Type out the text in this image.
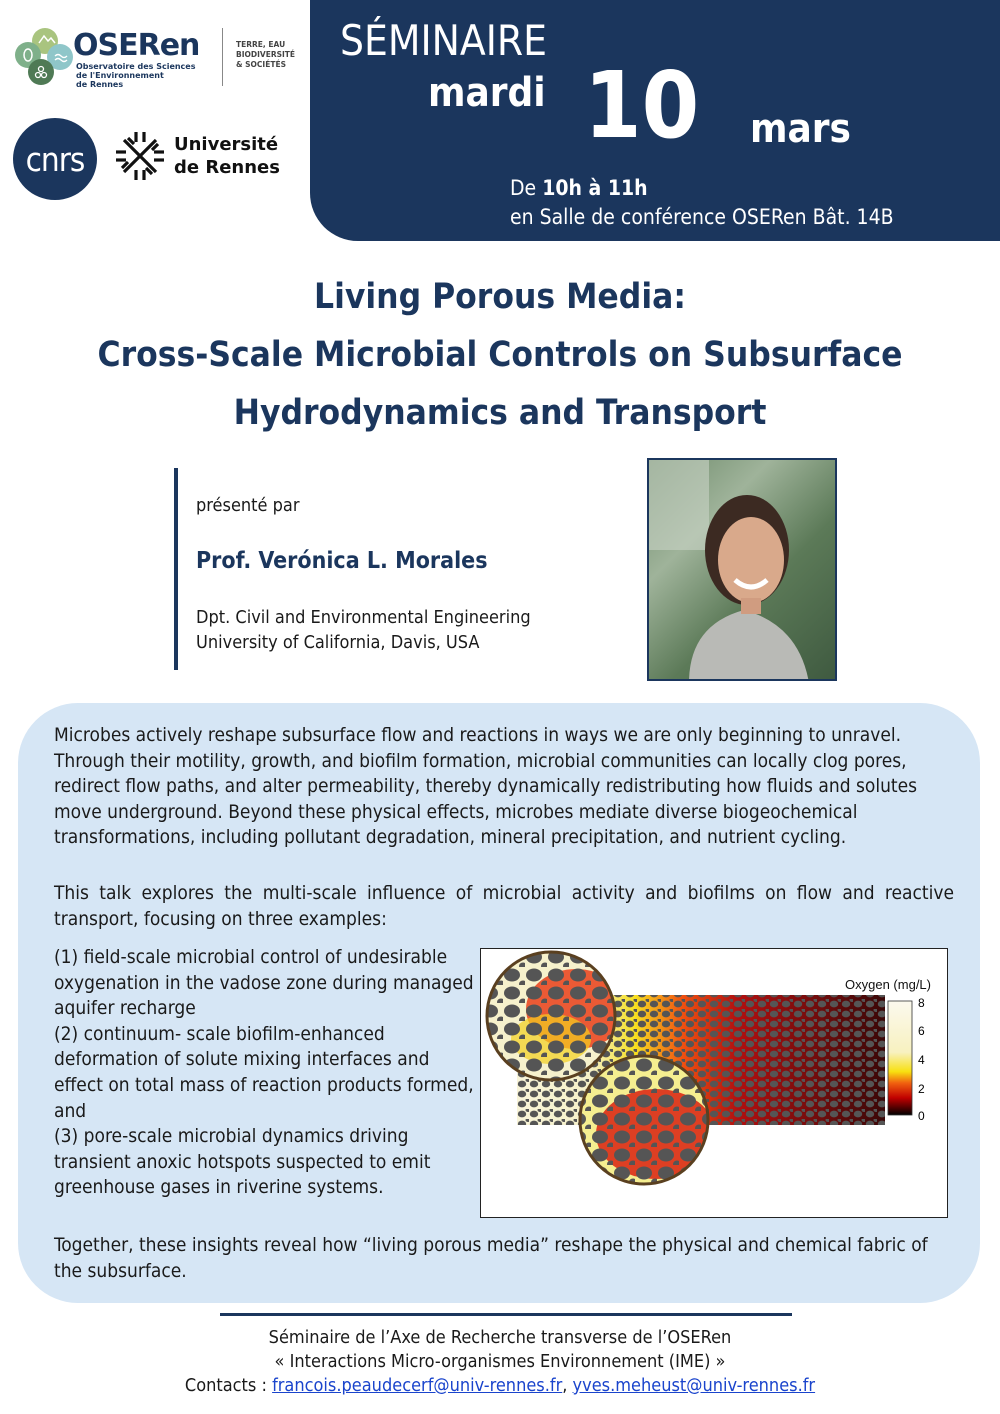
OSERen
Observatoire des Sciences
de l'Environnement
de Rennes
TERRE, EAU
BIODIVERSITÉ
& SOCIÉTÉS
cnrs	Université
de Rennes
SÉMINAIRE
mardi 10 mars
De 10h à 11h
en Salle de conférence OSERen Bât. 14B
Living Porous Media:
Cross-Scale Microbial Controls on Subsurface
Hydrodynamics and Transport
présenté par
Prof. Verónica L. Morales
Dpt. Civil and Environmental Engineering
University of California, Davis, USA

Microbes actively reshape subsurface flow and reactions in ways we are only beginning to unravel. Through their motility, growth, and biofilm formation, microbial communities can locally clog pores, redirect flow paths, and alter permeability, thereby dynamically redistributing how fluids and solutes move underground. Beyond these physical effects, microbes mediate diverse biogeochemical transformations, including pollutant degradation, mineral precipitation, and nutrient cycling.

This talk explores the multi-scale influence of microbial activity and biofilms on flow and reactive transport, focusing on three examples:

(1) field-scale microbial control of undesirable oxygenation in the vadose zone during managed aquifer recharge
(2) continuum- scale biofilm-enhanced deformation of solute mixing interfaces and effect on total mass of reaction products formed, and
(3) pore-scale microbial dynamics driving transient anoxic hotspots suspected to emit greenhouse gases in riverine systems.

Together, these insights reveal how “living porous media” reshape the physical and chemical fabric of the subsurface.

Oxygen (mg/L)
8
6
4
2
0
Séminaire de l’Axe de Recherche transverse de l’OSERen
« Interactions Micro-organismes Environnement (IME) »
Contacts : francois.peaudecerf@univ-rennes.fr, yves.meheust@univ-rennes.fr
